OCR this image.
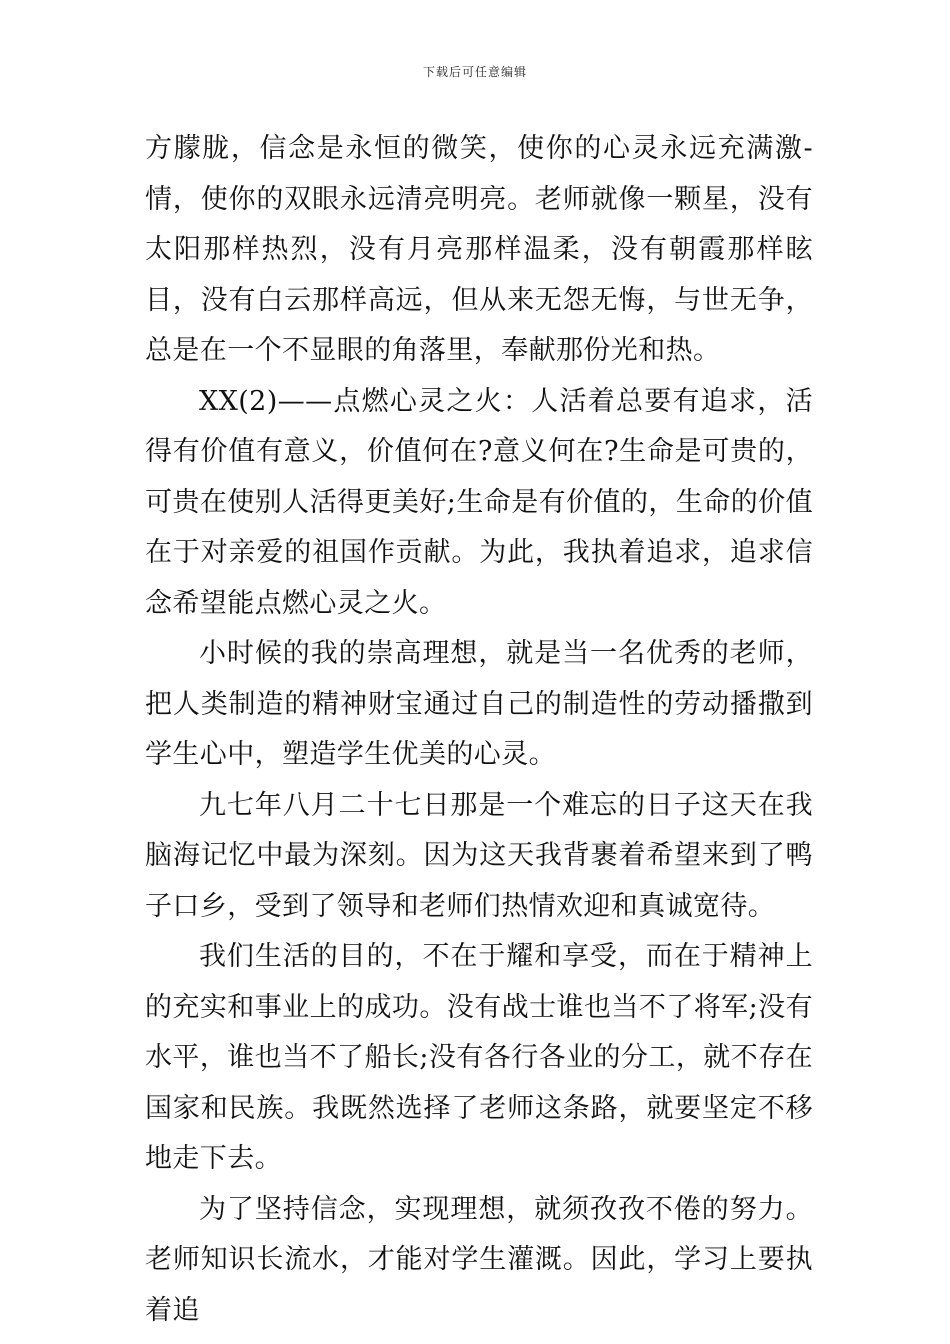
下载后可任意编辑

方朦胧，信念是永恒的微笑，使你的心灵永远充满激-情，使你的双眼永远清亮明亮。老师就像一颗星，没有太阳那样热烈，没有月亮那样温柔，没有朝霞那样眩目，没有白云那样高远，但从来无怨无悔，与世无争，总是在一个不显眼的角落里，奉献那份光和热。

XX(2)——点燃心灵之火：人活着总要有追求，活得有价值有意义，价值何在?意义何在?生命是可贵的，可贵在使别人活得更美好;生命是有价值的，生命的价值在于对亲爱的祖国作贡献。为此，我执着追求，追求信念希望能点燃心灵之火。

小时候的我的崇高理想，就是当一名优秀的老师，把人类制造的精神财宝通过自己的制造性的劳动播撒到学生心中，塑造学生优美的心灵。

九七年八月二十七日那是一个难忘的日子这天在我脑海记忆中最为深刻。因为这天我背裹着希望来到了鸭子口乡，受到了领导和老师们热情欢迎和真诚宽待。

我们生活的目的，不在于耀和享受，而在于精神上的充实和事业上的成功。没有战士谁也当不了将军;没有水平，谁也当不了船长;没有各行各业的分工，就不存在国家和民族。我既然选择了老师这条路，就要坚定不移地走下去。

为了坚持信念，实现理想，就须孜孜不倦的努力。老师知识长流水，才能对学生灌溉。因此，学习上要执着追
